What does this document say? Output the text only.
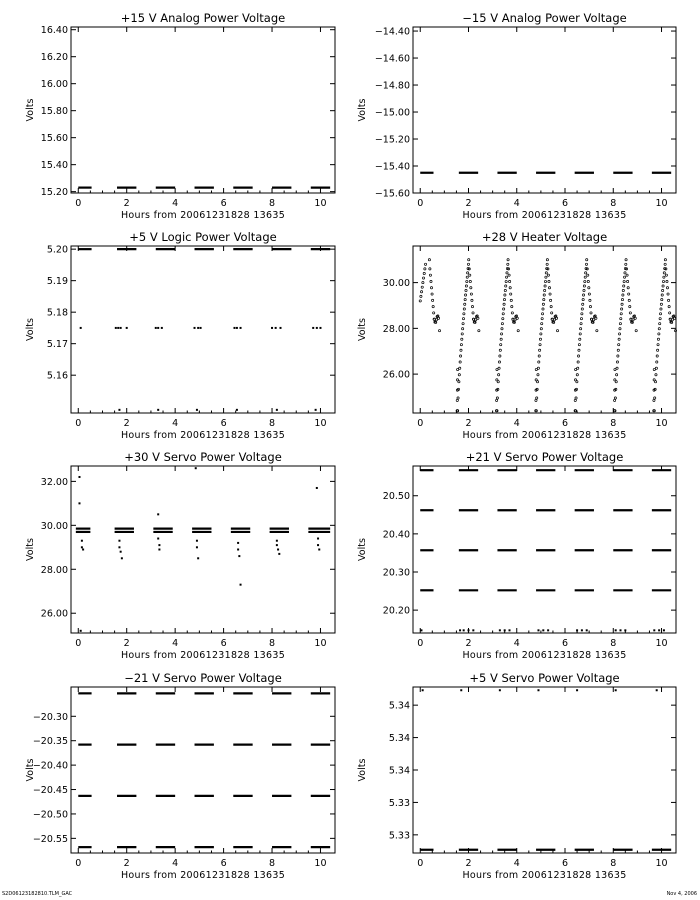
+15 V Analog Power Voltage
0	2	4	6	8	10
15.20
15.40
15.60
15.80
16.00
16.20
16.40
Hours from 20061231828 13635
Volts
−15 V Analog Power Voltage
0	2	4	6	8	10
−15.60
−15.40
−15.20
−15.00
−14.80
−14.60
−14.40
Hours from 20061231828 13635
Volts
+5 V Logic Power Voltage
0	2	4	6	8	10
5.16
5.17
5.18
5.19
5.20
Hours from 20061231828 13635
Volts
+28 V Heater Voltage
0	2	4	6	8	10
26.00
28.00
30.00
Hours from 20061231828 13635
Volts
+30 V Servo Power Voltage
0	2	4	6	8	10
26.00
28.00
30.00
32.00
Hours from 20061231828 13635
Volts
+21 V Servo Power Voltage
0	2	4	6	8	10
20.20
20.30
20.40
20.50
Hours from 20061231828 13635
Volts
−21 V Servo Power Voltage
0	2	4	6	8	10
−20.55
−20.50
−20.45
−20.40
−20.35
−20.30
Hours from 20061231828 13635
Volts
+5 V Servo Power Voltage
0	2	4	6	8	10
5.33
5.33
5.34
5.34
5.34
Hours from 20061231828 13635
Volts
S2D06123182810.TLM_GAC	Nov 4, 2006
